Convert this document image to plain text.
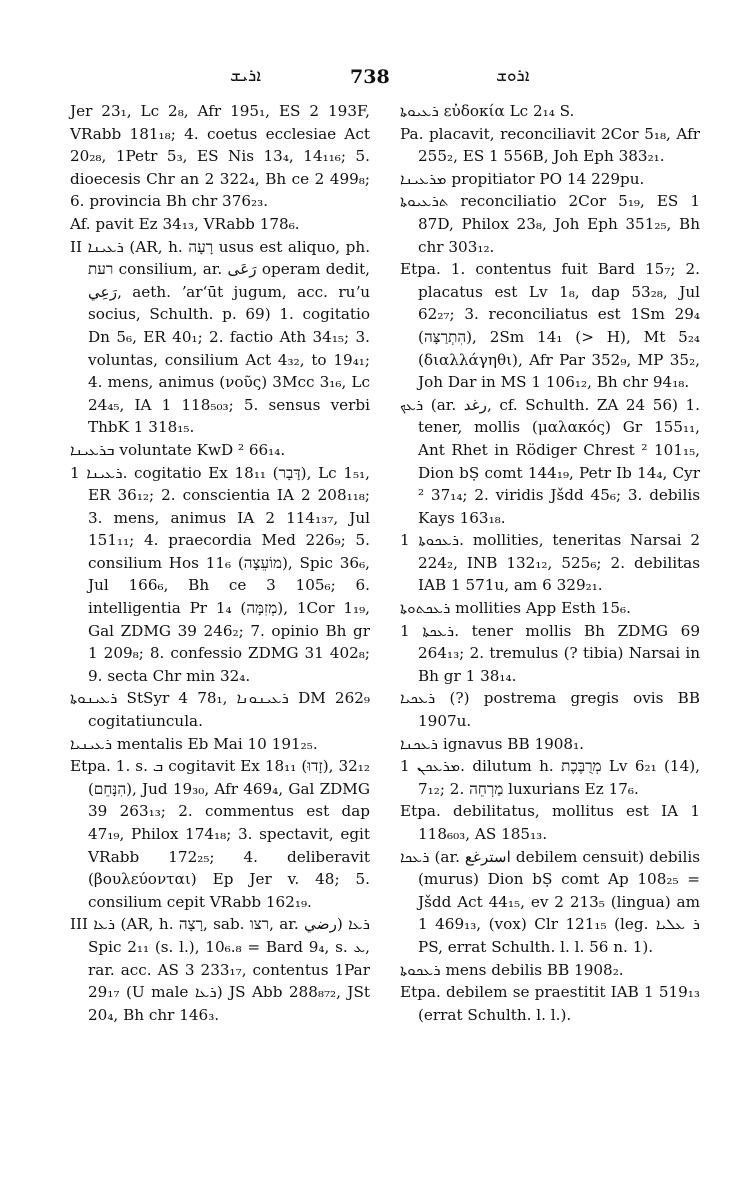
ܐܪܝܫ	738	ܐܪܘܫ

Jer 23₁, Lc 2₈, Afr 195₁, ES 2 193F, VRabb 181₁₈; 4. coetus ecclesiae Act 20₂₈, 1Petr 5₃, ES Nis 13₄, 14₁₁₆; 5. dioecesis Chr an 2 322₄, Bh ce 2 499₈; 6. provincia Bh chr 376₂₃.

Af. pavit Ez 34₁₃, VRabb 178₆.

II ܪܥܝܢܐ (AR, h. רָעָה usus est aliquo, ph. רעת consilium, ar. رَعَى operam dedit, رَعِي, aeth. ʼarʻūt jugum, acc. ruʼu socius, Schulth. p. 69) 1. cogitatio Dn 5₆, ER 40₁; 2. factio Ath 34₁₅; 3. voluntas, consilium Act 4₃₂, to 19₄₁; 4. mens, animus (νοῦς) 3Mcc 3₁₆, Lc 24₄₅, IA 1 118₅₀₃; 5. sensus verbi ThbK 1 318₁₅.

ܒܪܥܝܢܐ voluntate KwD ² 66₁₄.

ܪܥܝܢܐ 1. cogitatio Ex 18₁₁ (דָּבָר), Lc 1₅₁, ER 36₁₂; 2. conscientia IA 2 208₁₁₈; 3. mens, animus IA 2 114₁₃₇, Jul 151₁₁; 4. praecordia Med 226₉; 5. consilium Hos 11₆ (מוֹעֵצָה), Spic 36₆, Jul 166₆, Bh ce 3 105₆; 6. intelligentia Pr 1₄ (מְזִמָּה), 1Cor 1₁₉, Gal ZDMG 39 246₂; 7. opinio Bh gr 1 209₈; 8. confessio ZDMG 31 402₈; 9. secta Chr min 32₄.

ܪܥܝܢܘܬܐ StSyr 4 78₁, ܪܥܝܢܘܢܐ DM 262₉ cogitatiuncula.

ܪܥܝܢܝܐ mentalis Eb Mai 10 191₂₅.

Etpa. 1. s. ܒ cogitavit Ex 18₁₁ (זָדוּ), 32₁₂ (הִנָּחֵם), Jud 19₃₀, Afr 469₄, Gal ZDMG 39 263₁₃; 2. commentus est dap 47₁₉, Philox 174₁₈; 3. spectavit, egit VRabb 172₂₅; 4. deliberavit (βουλεύονται) Ep Jer v. 48; 5. consilium cepit VRabb 162₁₉.

III ܪܥܐ (AR, h. רָצָה, sab. רצו, ar. رضي) ܪܥܐ Spic 2₁₁ (s. l.), 10₆.₈ = Bard 9₄, s. ܥ, rar. acc. AS 3 233₁₇, contentus 1Par 29₁₇ (U male ܪܥܐ) JS Abb 288₈₇₂, JSt 20₄, Bh chr 146₃.

ܪܥܝܘܬܐ εὐδοκία Lc 2₁₄ S.

Pa. placavit, reconciliavit 2Cor 5₁₈, Afr 255₂, ES 1 556B, Joh Eph 383₂₁.

ܡܪܥܝܢܐ propitiator PO 14 229pu.

ܬܪܥܝܘܬܐ reconciliatio 2Cor 5₁₉, ES 1 87D, Philox 23₈, Joh Eph 351₂₅, Bh chr 303₁₂.

Etpa. 1. contentus fuit Bard 15₇; 2. placatus est Lv 1₈, dap 53₂₈, Jul 62₂₇; 3. reconciliatus est 1Sm 29₄ (הִתְרַצָּה), 2Sm 14₁ (> H), Mt 5₂₄ (διαλλάγηθι), Afr Par 352₉, MP 35₂, Joh Dar in MS 1 106₁₂, Bh chr 94₁₈.

ܪܥܟ (ar. رغد, cf. Schulth. ZA 24 56) 1. tener, mollis (μαλακός) Gr 155₁₁, Ant Rhet in Rödiger Chrest ² 101₁₅, Dion bṢ comt 144₁₉, Petr Ib 14₄, Cyr ² 37₁₄; 2. viridis Jšdd 45₆; 3. debilis Kays 163₁₈.

ܪܥܟܘܬܐ 1. mollities, teneritas Narsai 2 224₂, INB 132₁₂, 525₆; 2. debilitas IAB 1 571u, am 6 329₂₁.

ܪܥܟܬܘܬܐ mollities App Esth 15₆.

ܪܥܟܬܐ 1. tener mollis Bh ZDMG 69 264₁₃; 2. tremulus (? tibia) Narsai in Bh gr 1 38₁₄.

ܪܥܟܝܐ (?) postrema gregis ovis BB 1907u.

ܪܥܟܢܐ ignavus BB 1908₁.

ܡܪܥܟܢ 1. dilutum h. מְרֻבֶּכֶת Lv 6₂₁ (14), 7₁₂; 2. מַרְחֵה luxurians Ez 17₆.

Etpa. debilitatus, mollitus est IA 1 118₆₀₃, AS 185₁₃.

ܪܥܟܐ (ar. استرغع debilem censuit) debilis (murus) Dion bṢ comt Ap 108₂₅ = Jšdd Act 44₁₅, ev 2 213₅ (lingua) am 1 469₁₃, (vox) Clr 121₁₅ (leg. ܪ ܥܠܝܐ PS, errat Schulth. l. l. 56 n. 1).

ܪܥܟܘܬܐ mens debilis BB 1908₂.

Etpa. debilem se praestitit IAB 1 519₁₃ (errat Schulth. l. l.).
